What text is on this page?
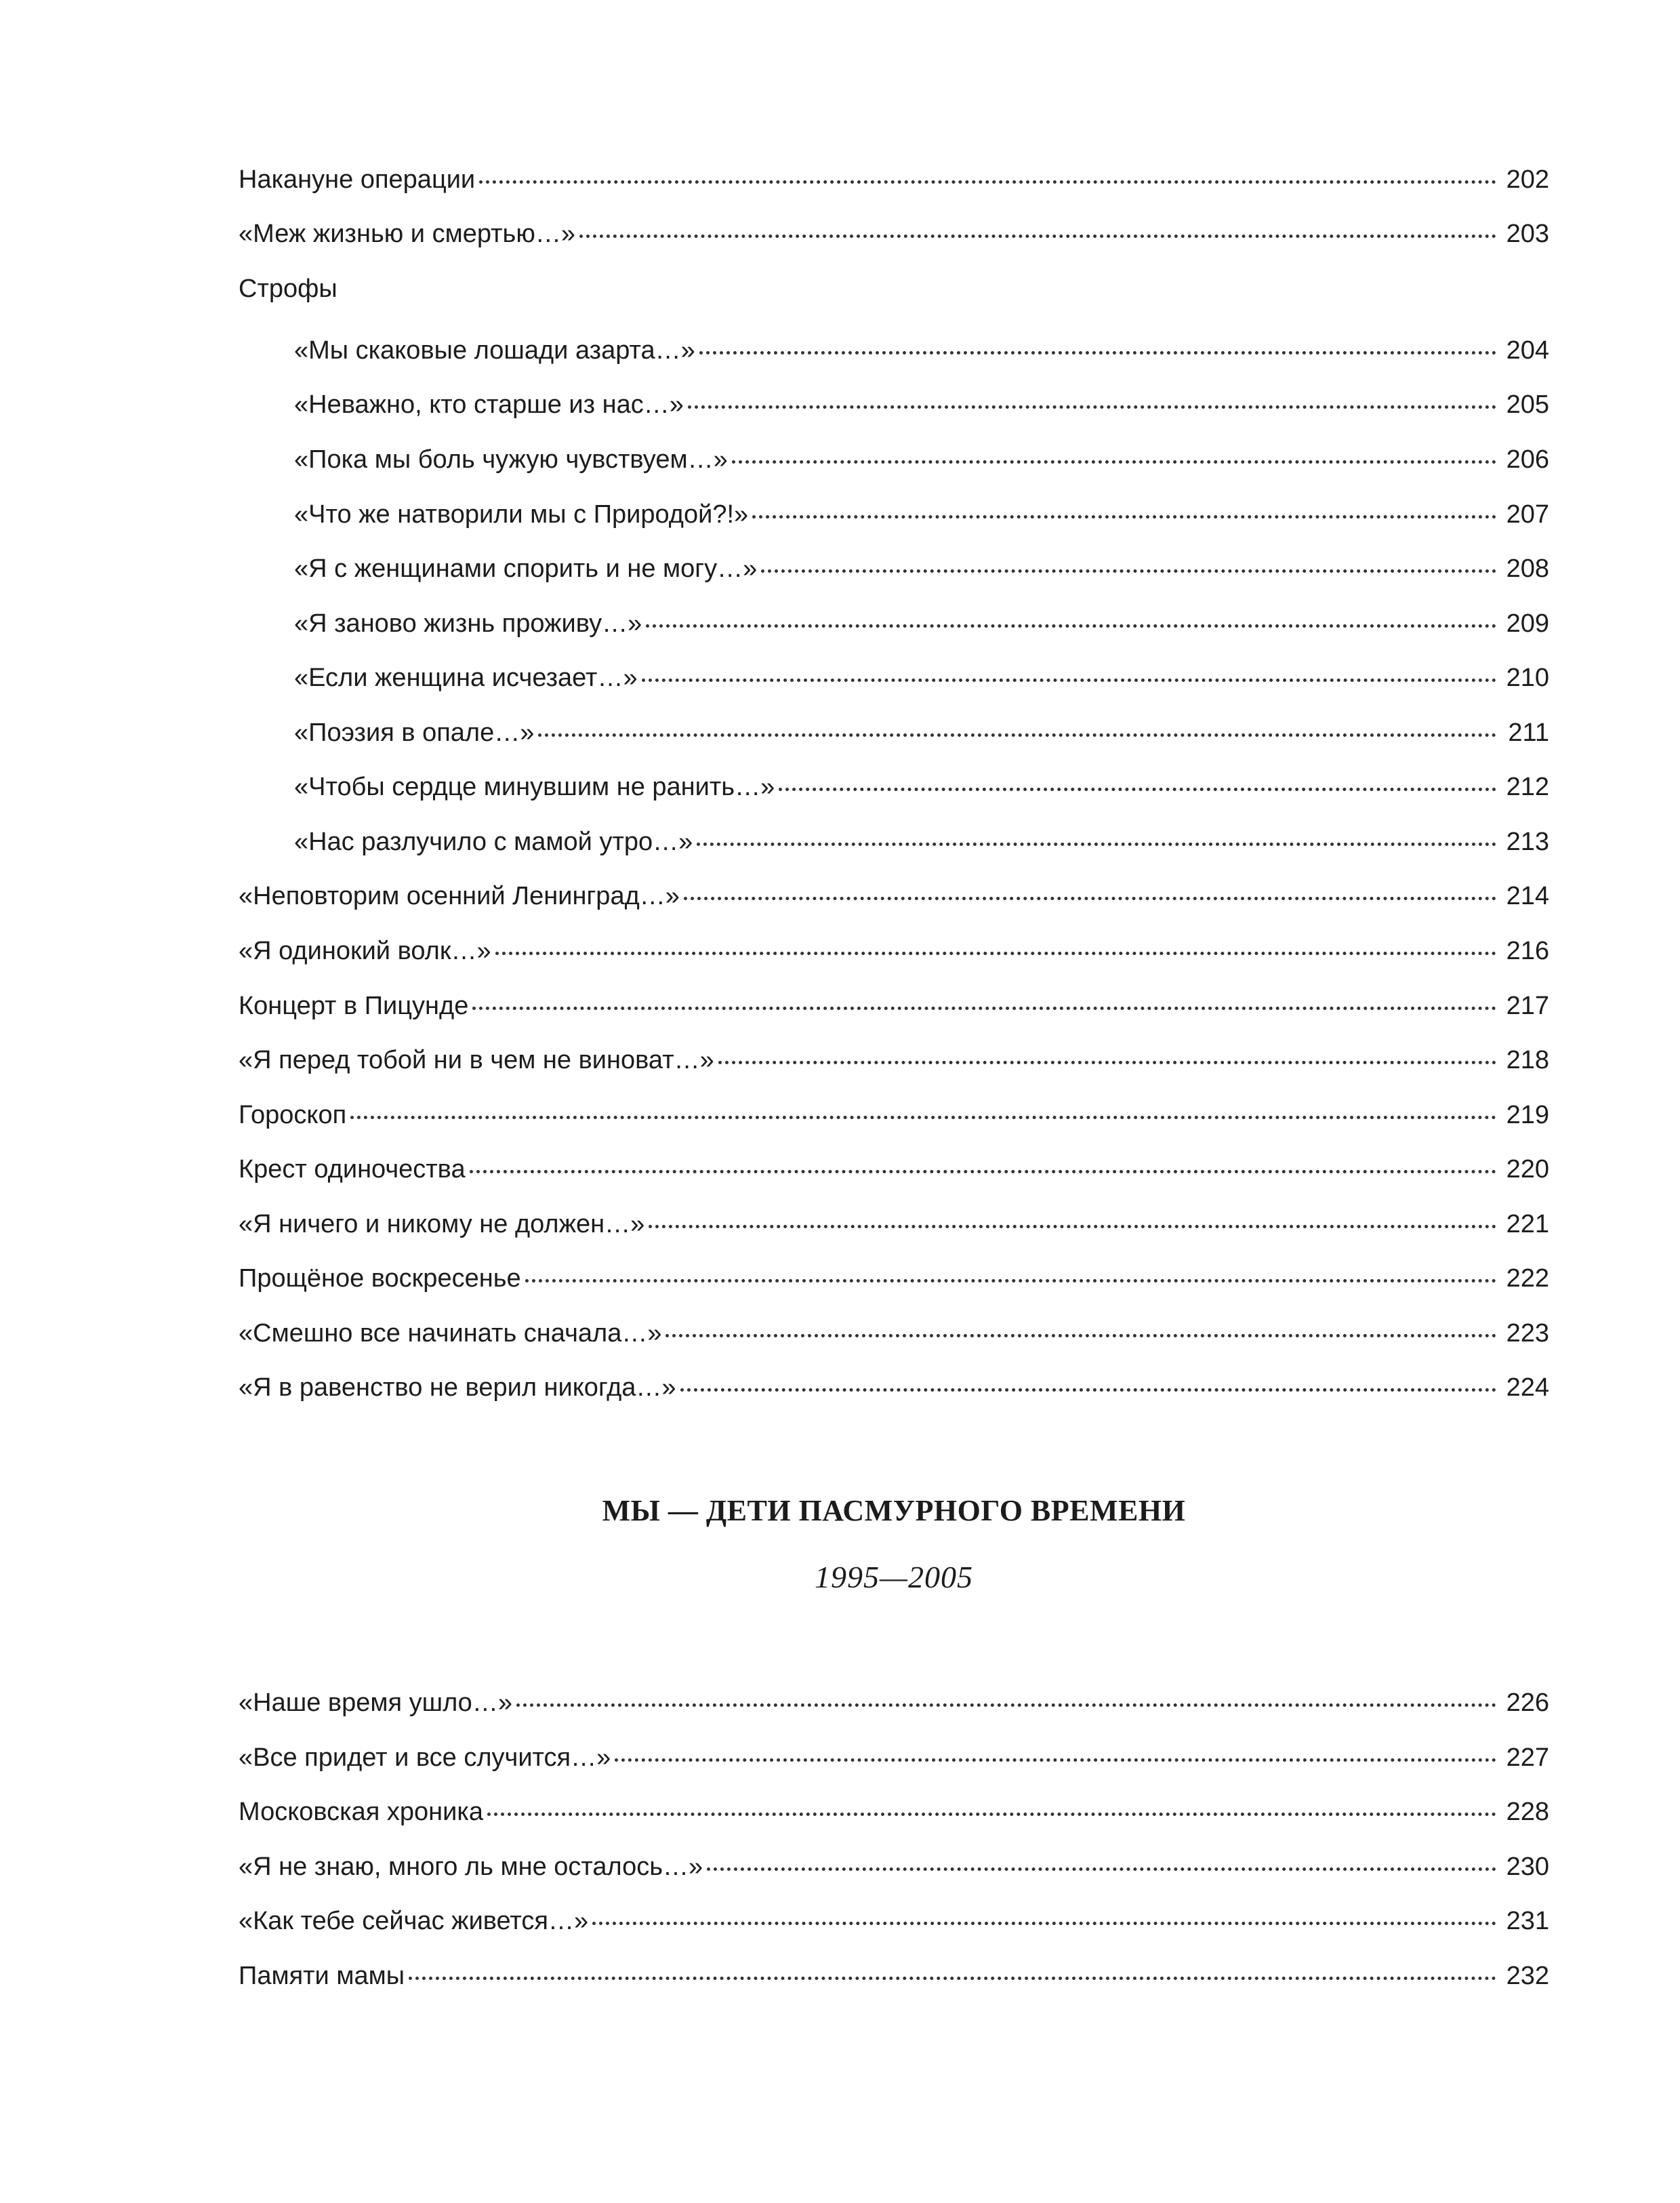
Накануне операции	202
«Меж жизнью и смертью…»	203
Строфы
«Мы скаковые лошади азарта…»	204
«Неважно, кто старше из нас…»	205
«Пока мы боль чужую чувствуем…»	206
«Что же натворили мы с Природой?!»	207
«Я с женщинами спорить и не могу…»	208
«Я заново жизнь проживу…»	209
«Если женщина исчезает…»	210
«Поэзия в опале…»	211
«Чтобы сердце минувшим не ранить…»	212
«Нас разлучило с мамой утро…»	213
«Неповторим осенний Ленинград…»	214
«Я одинокий волк…»	216
Концерт в Пицунде	217
«Я перед тобой ни в чем не виноват…»	218
Гороскоп	219
Крест одиночества	220
«Я ничего и никому не должен…»	221
Прощёное воскресенье	222
«Смешно все начинать сначала…»	223
«Я в равенство не верил никогда…»	224
МЫ — ДЕТИ ПАСМУРНОГО ВРЕМЕНИ
1995—2005
«Наше время ушло…»	226
«Все придет и все случится…»	227
Московская хроника	228
«Я не знаю, много ль мне осталось…»	230
«Как тебе сейчас живется…»	231
Памяти мамы	232
